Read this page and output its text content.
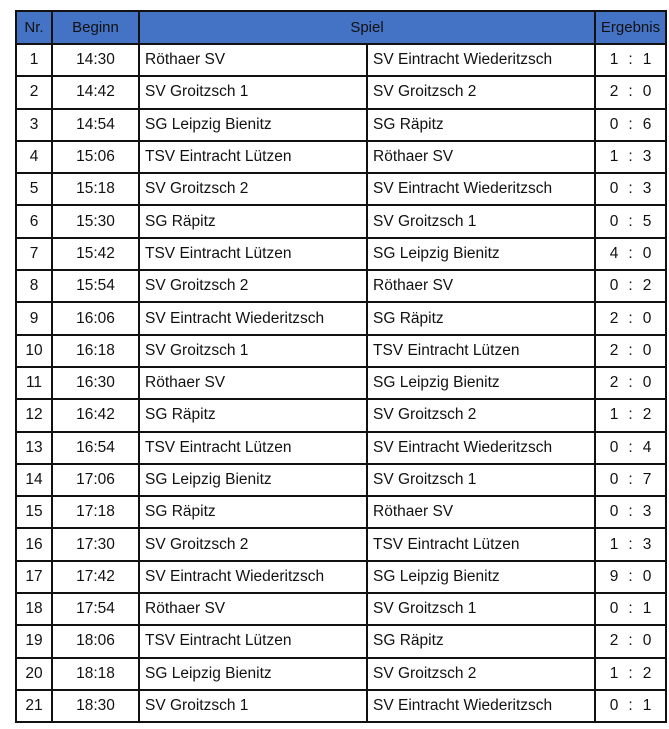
Nr.	Beginn	Spiel		Ergebnis
1	14:30	Röthaer SV	SV Eintracht Wiederitzsch	1 : 1

2	14:42	SV Groitzsch 1	SV Groitzsch 2	2 : 0

3	14:54	SG Leipzig Bienitz	SG Räpitz	0 : 6

4	15:06	TSV Eintracht Lützen	Röthaer SV	1 : 3

5	15:18	SV Groitzsch 2	SV Eintracht Wiederitzsch	0 : 3

6	15:30	SG Räpitz	SV Groitzsch 1	0 : 5

7	15:42	TSV Eintracht Lützen	SG Leipzig Bienitz	4 : 0

8	15:54	SV Groitzsch 2	Röthaer SV	0 : 2

9	16:06	SV Eintracht Wiederitzsch	SG Räpitz	2 : 0

10	16:18	SV Groitzsch 1	TSV Eintracht Lützen	2 : 0

11	16:30	Röthaer SV	SG Leipzig Bienitz	2 : 0

12	16:42	SG Räpitz	SV Groitzsch 2	1 : 2

13	16:54	TSV Eintracht Lützen	SV Eintracht Wiederitzsch	0 : 4

14	17:06	SG Leipzig Bienitz	SV Groitzsch 1	0 : 7

15	17:18	SG Räpitz	Röthaer SV	0 : 3

16	17:30	SV Groitzsch 2	TSV Eintracht Lützen	1 : 3

17	17:42	SV Eintracht Wiederitzsch	SG Leipzig Bienitz	9 : 0

18	17:54	Röthaer SV	SV Groitzsch 1	0 : 1

19	18:06	TSV Eintracht Lützen	SG Räpitz	2 : 0

20	18:18	SG Leipzig Bienitz	SV Groitzsch 2	1 : 2

21	18:30	SV Groitzsch 1	SV Eintracht Wiederitzsch	0 : 1
